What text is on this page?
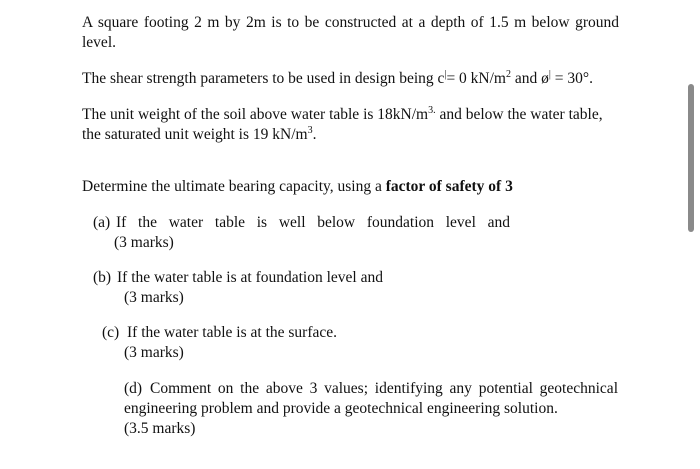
A square footing 2 m by 2m is to be constructed at a depth of 1.5 m below ground

level.

The shear strength parameters to be used in design being c|= 0 $kN/m^2$ and ø| = 30°.

The unit weight of the soil above water table is $18kN/m^{3.}$ and below the water table,

the saturated unit weight is 19 $kN/m^3$.

Determine the ultimate bearing capacity, using a factor of safety of 3

(a) If the water table is well below foundation level and

(3 marks)

(b) If the water table is at foundation level and

(3 marks)

(c) If the water table is at the surface.

(3 marks)

(d) Comment on the above 3 values; identifying any potential geotechnical

engineering problem and provide a geotechnical engineering solution.

(3.5 marks)
